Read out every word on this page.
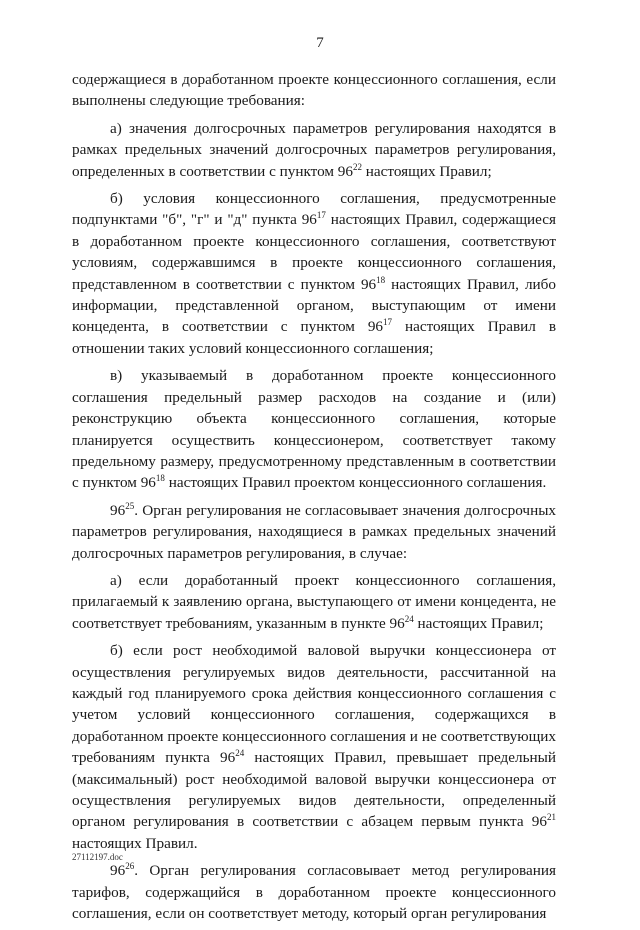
7

содержащиеся в доработанном проекте концессионного соглашения, если выполнены следующие требования:

а) значения долгосрочных параметров регулирования находятся в рамках предельных значений долгосрочных параметров регулирования, определенных в соответствии с пунктом $96^{22}$ настоящих Правил;

б) условия концессионного соглашения, предусмотренные подпунктами "б", "г" и "д" пункта $96^{17}$ настоящих Правил, содержащиеся в доработанном проекте концессионного соглашения, соответствуют условиям, содержавшимся в проекте концессионного соглашения, представленном в соответствии с пунктом $96^{18}$ настоящих Правил, либо информации, представленной органом, выступающим от имени концедента, в соответствии с пунктом $96^{17}$ настоящих Правил в отношении таких условий концессионного соглашения;

в) указываемый в доработанном проекте концессионного соглашения предельный размер расходов на создание и (или) реконструкцию объекта концессионного соглашения, которые планируется осуществить концессионером, соответствует такому предельному размеру, предусмотренному представленным в соответствии с пунктом $96^{18}$ настоящих Правил проектом концессионного соглашения.

$96^{25}$. Орган регулирования не согласовывает значения долгосрочных параметров регулирования, находящиеся в рамках предельных значений долгосрочных параметров регулирования, в случае:

а) если доработанный проект концессионного соглашения, прилагаемый к заявлению органа, выступающего от имени концедента, не соответствует требованиям, указанным в пункте $96^{24}$ настоящих Правил;

б) если рост необходимой валовой выручки концессионера от осуществления регулируемых видов деятельности, рассчитанной на каждый год планируемого срока действия концессионного соглашения с учетом условий концессионного соглашения, содержащихся в доработанном проекте концессионного соглашения и не соответствующих требованиям пункта $96^{24}$ настоящих Правил, превышает предельный (максимальный) рост необходимой валовой выручки концессионера от осуществления регулируемых видов деятельности, определенный органом регулирования в соответствии с абзацем первым пункта $96^{21}$ настоящих Правил.

$96^{26}$. Орган регулирования согласовывает метод регулирования тарифов, содержащийся в доработанном проекте концессионного соглашения, если он соответствует методу, который орган регулирования

27112197.doc
